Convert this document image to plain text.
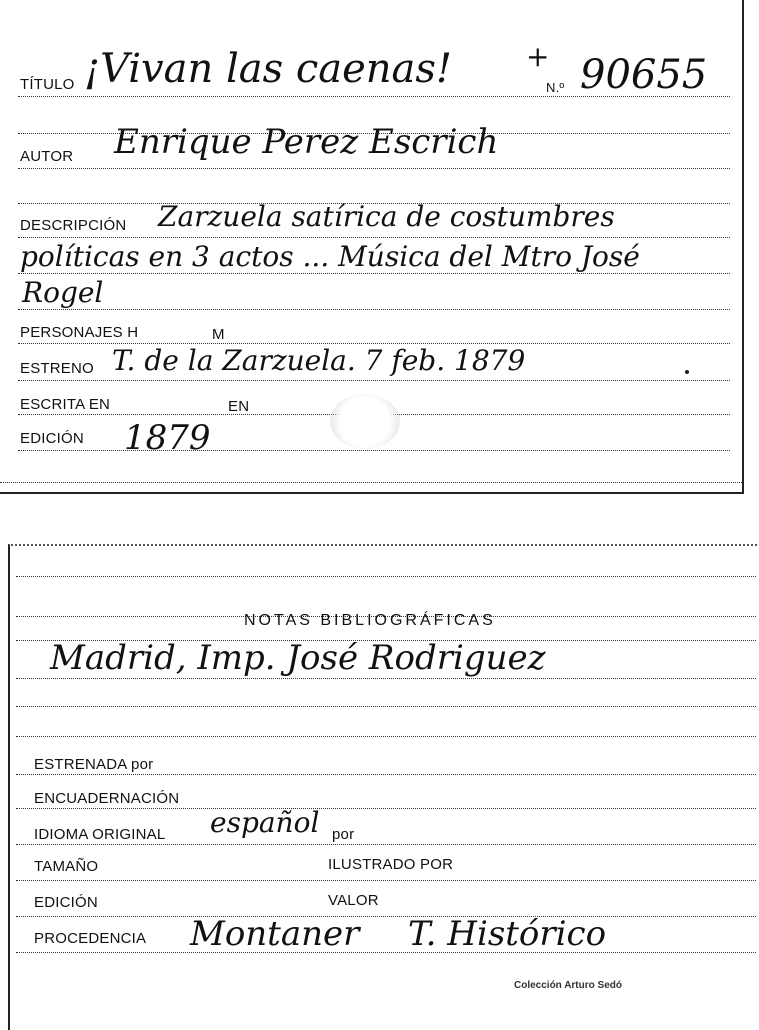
TÍTULO ¡Vivan las caenas!	+
N.º 90655
AUTOR Enrique Perez Escrich
DESCRIPCIÓN Zarzuela satírica de costumbres
políticas en 3 actos ... Música del Mtro José
Rogel
PERSONAJES H	M
ESTRENO T. de la Zarzuela. 7 feb. 1879
ESCRITA EN	EN
EDICIÓN 1879
NOTAS BIBLIOGRÁFICAS
Madrid, Imp. José Rodriguez
ESTRENADA por
ENCUADERNACIÓN
IDIOMA ORIGINAL español por
TAMAÑO	ILUSTRADO POR
EDICIÓN	VALOR
PROCEDENCIA Montaner T. Histórico
Colección Arturo Sedó
